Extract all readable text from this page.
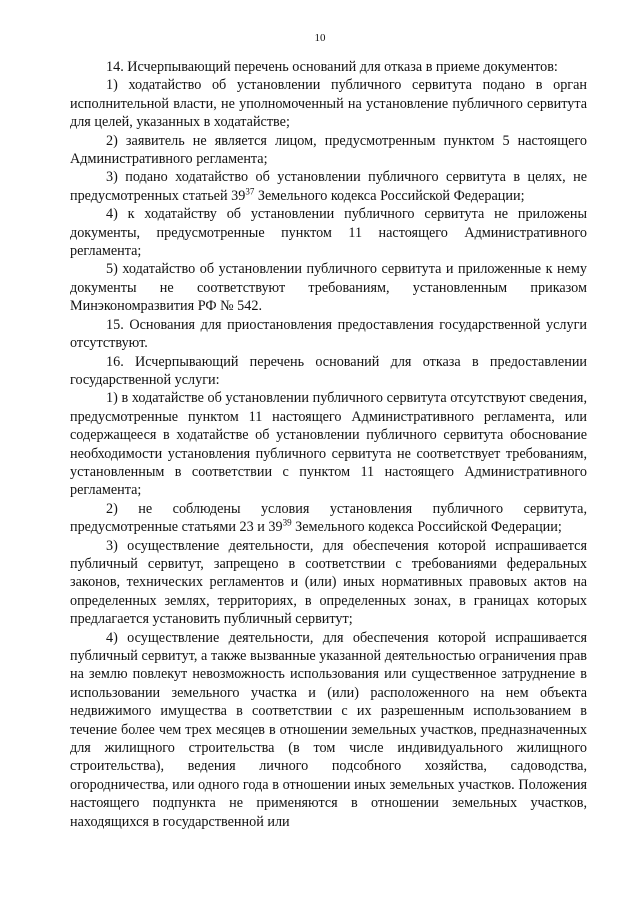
10

14. Исчерпывающий перечень оснований для отказа в приеме документов:

1) ходатайство об установлении публичного сервитута подано в орган исполнительной власти, не уполномоченный на установление публичного сервитута для целей, указанных в ходатайстве;

2) заявитель не является лицом, предусмотренным пунктом 5 настоящего Административного регламента;

3) подано ходатайство об установлении публичного сервитута в целях, не предусмотренных статьей $39^{37}$ Земельного кодекса Российской Федерации;

4) к ходатайству об установлении публичного сервитута не приложены документы, предусмотренные пунктом 11 настоящего Административного регламента;

5) ходатайство об установлении публичного сервитута и приложенные к нему документы не соответствуют требованиям, установленным приказом Минэкономразвития РФ № 542.

15. Основания для приостановления предоставления государственной услуги отсутствуют.

16. Исчерпывающий перечень оснований для отказа в предоставлении государственной услуги:

1) в ходатайстве об установлении публичного сервитута отсутствуют сведения, предусмотренные пунктом 11 настоящего Административного регламента, или содержащееся в ходатайстве об установлении публичного сервитута обоснование необходимости установления публичного сервитута не соответствует требованиям, установленным в соответствии с пунктом 11 настоящего Административного регламента;

2) не соблюдены условия установления публичного сервитута, предусмотренные статьями 23 и $39^{39}$ Земельного кодекса Российской Федерации;

3) осуществление деятельности, для обеспечения которой испрашивается публичный сервитут, запрещено в соответствии с требованиями федеральных законов, технических регламентов и (или) иных нормативных правовых актов на определенных землях, территориях, в определенных зонах, в границах которых предлагается установить публичный сервитут;

4) осуществление деятельности, для обеспечения которой испрашивается публичный сервитут, а также вызванные указанной деятельностью ограничения прав на землю повлекут невозможность использования или существенное затруднение в использовании земельного участка и (или) расположенного на нем объекта недвижимого имущества в соответствии с их разрешенным использованием в течение более чем трех месяцев в отношении земельных участков, предназначенных для жилищного строительства (в том числе индивидуального жилищного строительства), ведения личного подсобного хозяйства, садоводства, огородничества, или одного года в отношении иных земельных участков. Положения настоящего подпункта не применяются в отношении земельных участков, находящихся в государственной или
